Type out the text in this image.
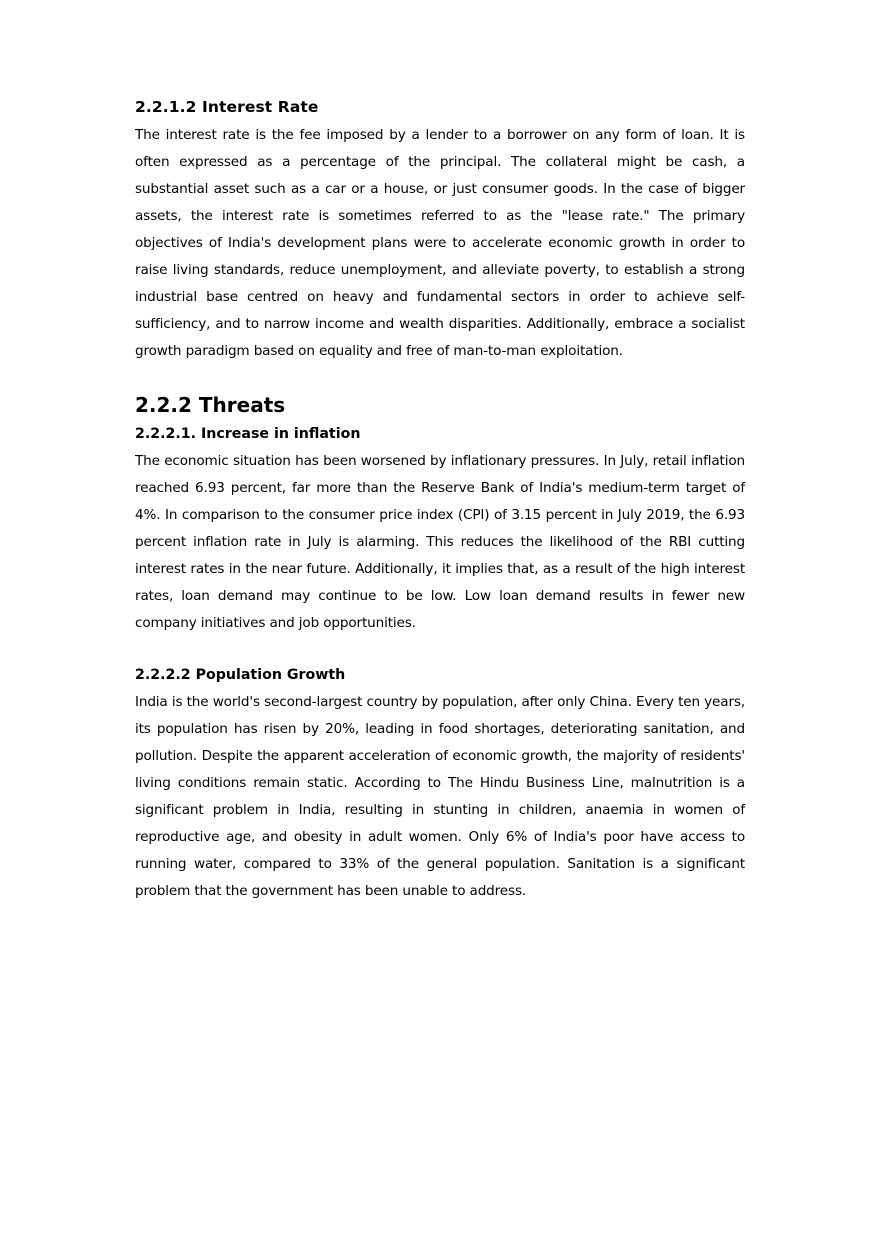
2.2.1.2 Interest Rate

The interest rate is the fee imposed by a lender to a borrower on any form of loan. It is often expressed as a percentage of the principal. The collateral might be cash, a substantial asset such as a car or a house, or just consumer goods. In the case of bigger assets, the interest rate is sometimes referred to as the "lease rate." The primary objectives of India's development plans were to accelerate economic growth in order to raise living standards, reduce unemployment, and alleviate poverty, to establish a strong industrial base centred on heavy and fundamental sectors in order to achieve self-sufficiency, and to narrow income and wealth disparities. Additionally, embrace a socialist growth paradigm based on equality and free of man-to-man exploitation.

2.2.2 Threats
2.2.2.1. Increase in inflation

The economic situation has been worsened by inflationary pressures. In July, retail inflation reached 6.93 percent, far more than the Reserve Bank of India's medium-term target of 4%. In comparison to the consumer price index (CPI) of 3.15 percent in July 2019, the 6.93 percent inflation rate in July is alarming. This reduces the likelihood of the RBI cutting interest rates in the near future. Additionally, it implies that, as a result of the high interest rates, loan demand may continue to be low. Low loan demand results in fewer new company initiatives and job opportunities.

2.2.2.2 Population Growth

India is the world's second-largest country by population, after only China. Every ten years, its population has risen by 20%, leading in food shortages, deteriorating sanitation, and pollution. Despite the apparent acceleration of economic growth, the majority of residents' living conditions remain static. According to The Hindu Business Line, malnutrition is a significant problem in India, resulting in stunting in children, anaemia in women of reproductive age, and obesity in adult women. Only 6% of India's poor have access to running water, compared to 33% of the general population. Sanitation is a significant problem that the government has been unable to address.
